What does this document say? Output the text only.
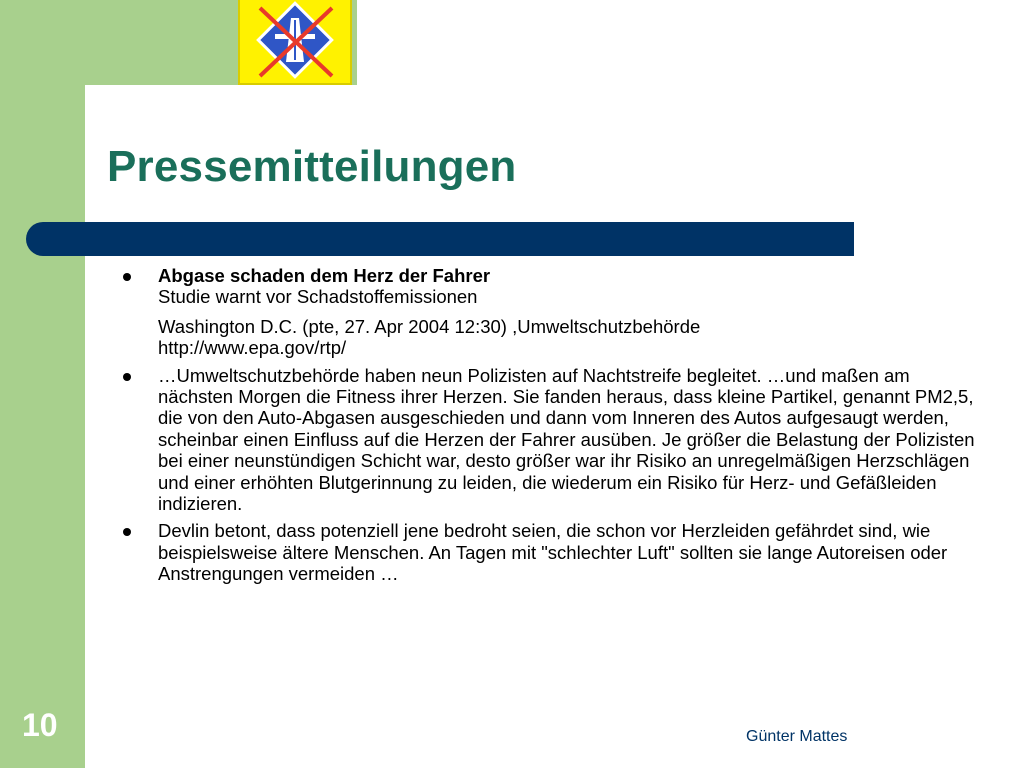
Pressemitteilungen
Abgase schaden dem Herz der Fahrer
Studie warnt vor Schadstoffemissionen
Washington D.C. (pte, 27. Apr 2004 12:30) ,Umweltschutzbehörde
http://www.epa.gov/rtp/
…Umweltschutzbehörde haben neun Polizisten auf Nachtstreife begleitet. …und maßen am nächsten Morgen die Fitness ihrer Herzen. Sie fanden heraus, dass kleine Partikel, genannt PM2,5, die von den Auto-Abgasen ausgeschieden und dann vom Inneren des Autos aufgesaugt werden, scheinbar einen Einfluss auf die Herzen der Fahrer ausüben. Je größer die Belastung der Polizisten bei einer neunstündigen Schicht war, desto größer war ihr Risiko an unregelmäßigen Herzschlägen und einer erhöhten Blutgerinnung zu leiden, die wiederum ein Risiko für Herz- und Gefäßleiden indizieren.
Devlin betont, dass potenziell jene bedroht seien, die schon vor Herzleiden gefährdet sind, wie beispielsweise ältere Menschen. An Tagen mit "schlechter Luft" sollten sie lange Autoreisen oder Anstrengungen vermeiden …
10	Günter Mattes
